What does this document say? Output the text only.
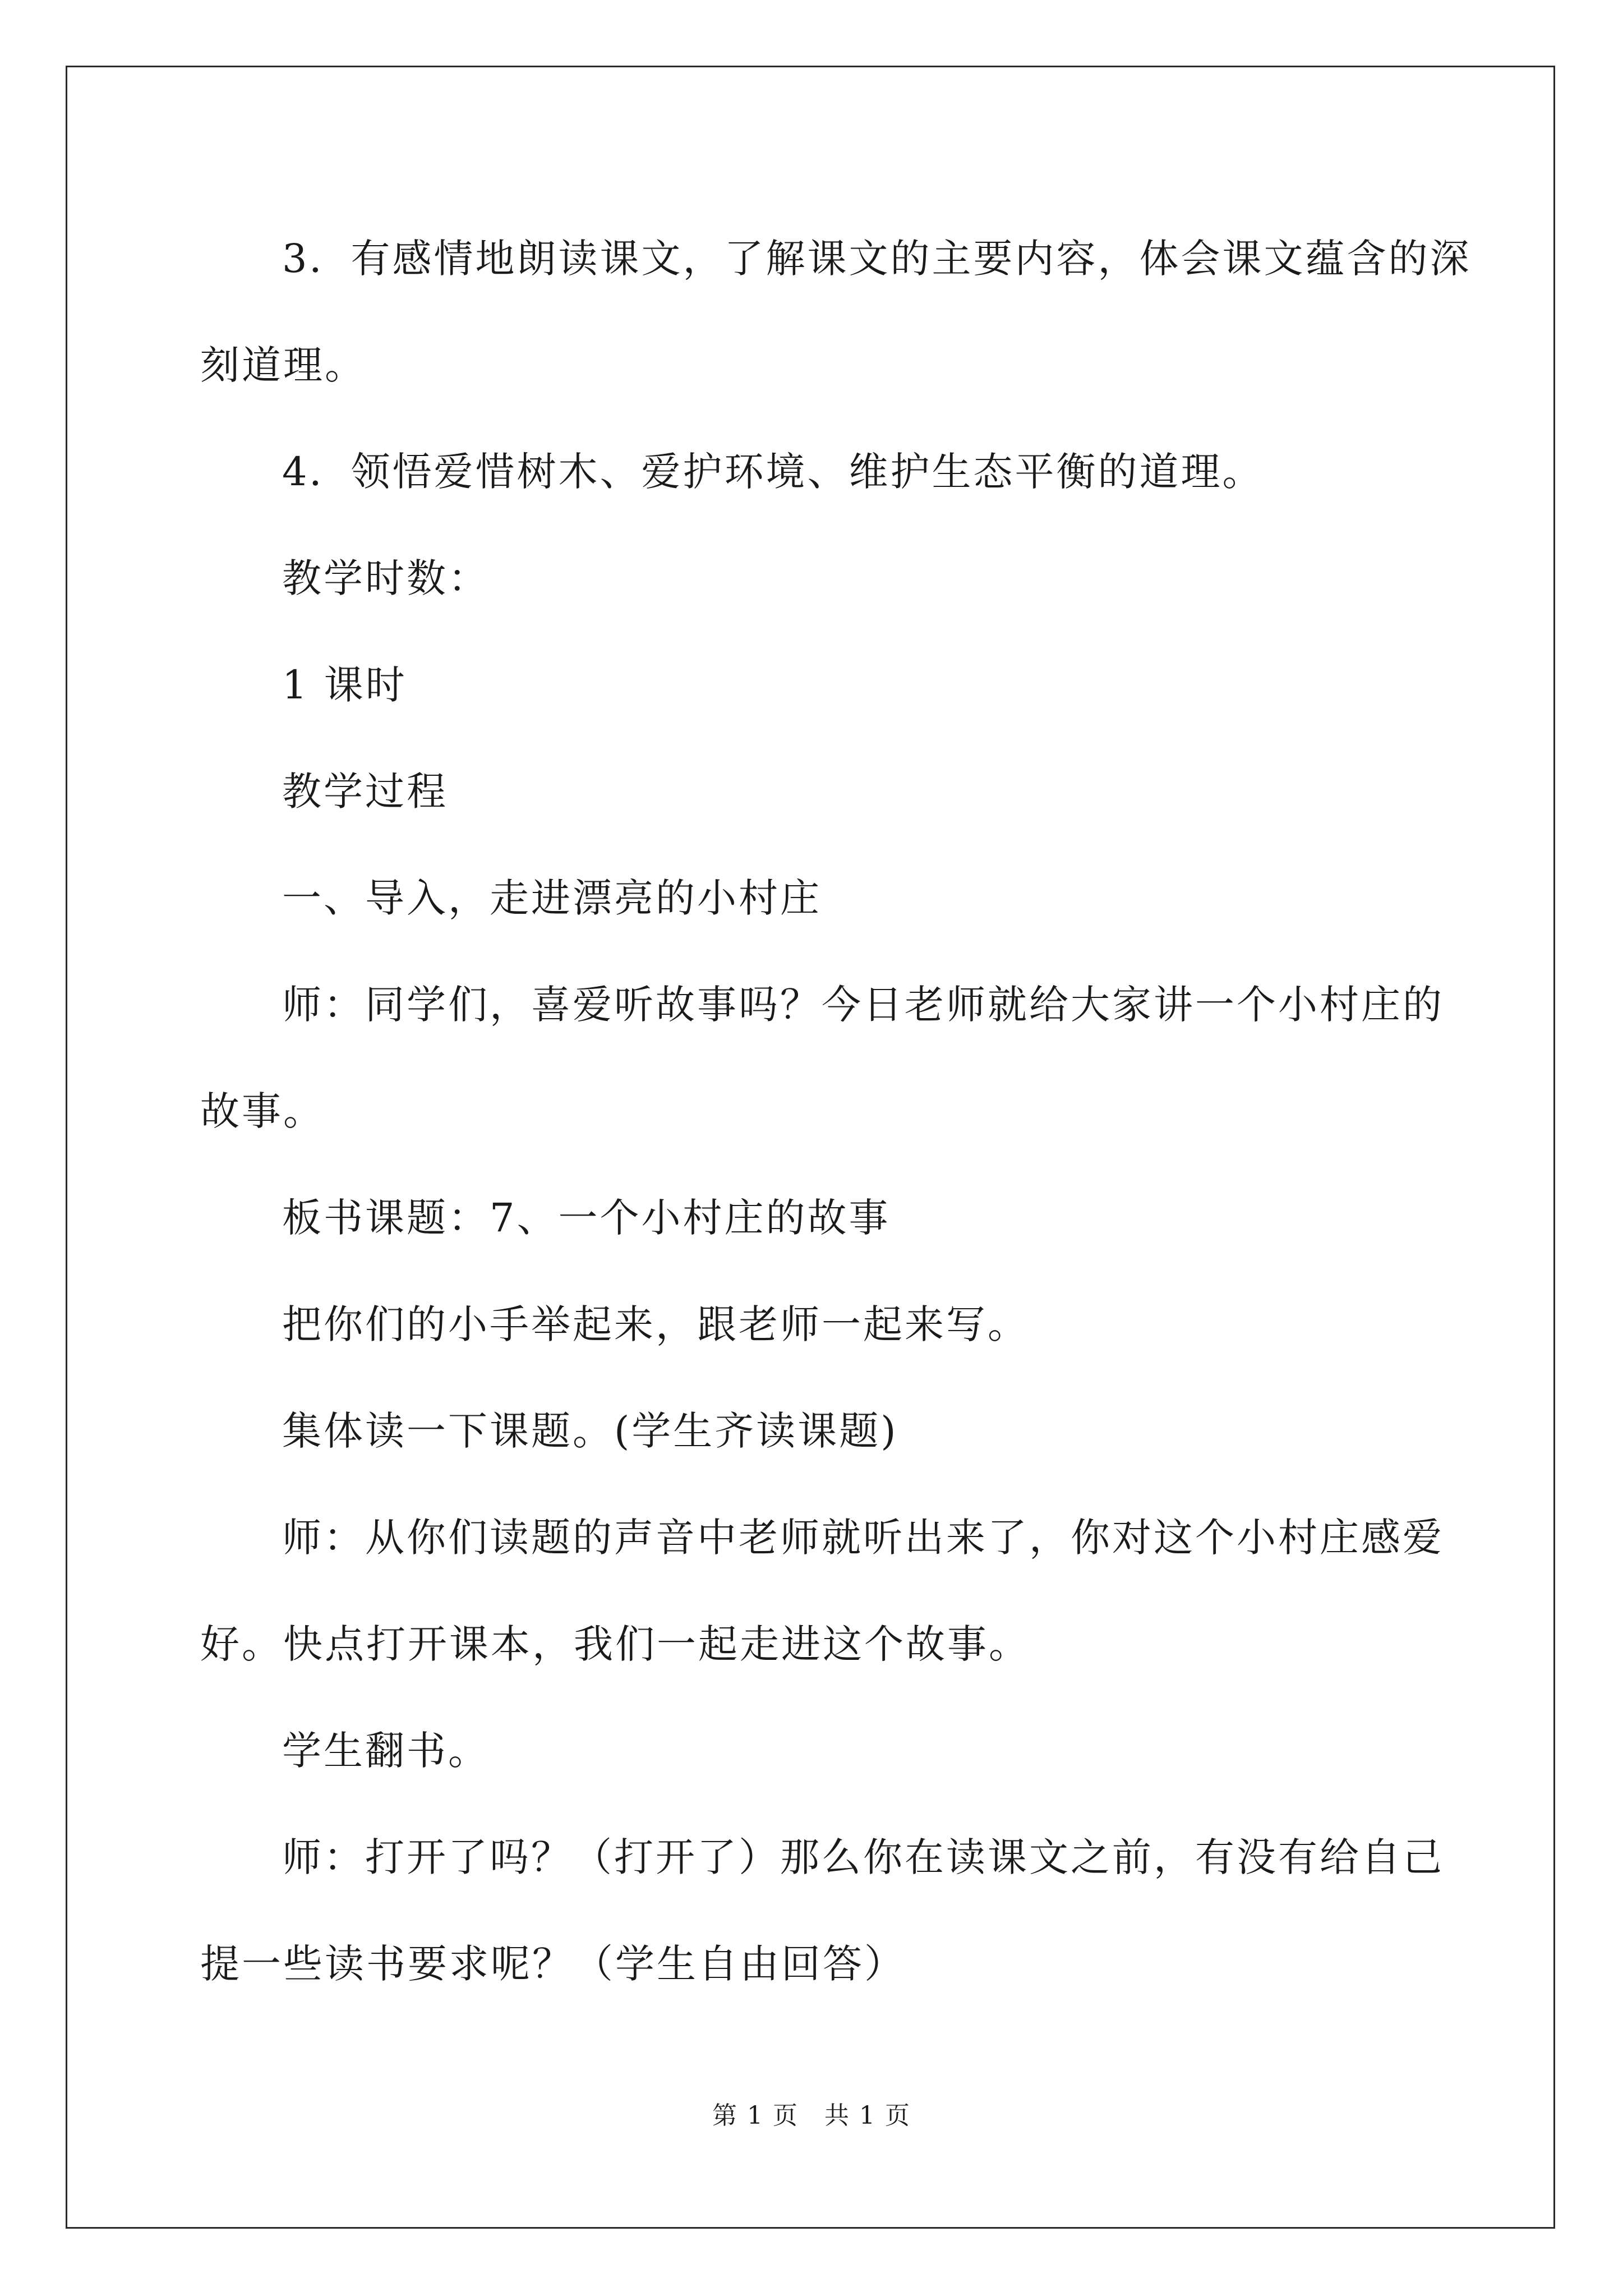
3．有感情地朗读课文，了解课文的主要内容，体会课文蕴含的深
刻道理。
4．领悟爱惜树木、爱护环境、维护生态平衡的道理。
教学时数：
1 课时
教学过程
一、导入，走进漂亮的小村庄
师：同学们，喜爱听故事吗？今日老师就给大家讲一个小村庄的
故事。
板书课题：7、一个小村庄的故事
把你们的小手举起来，跟老师一起来写。
集体读一下课题。(学生齐读课题)
师：从你们读题的声音中老师就听出来了，你对这个小村庄感爱
好。快点打开课本，我们一起走进这个故事。
学生翻书。
师：打开了吗？（打开了）那么你在读课文之前，有没有给自己
提一些读书要求呢？（学生自由回答）
第 1 页　共 1 页
